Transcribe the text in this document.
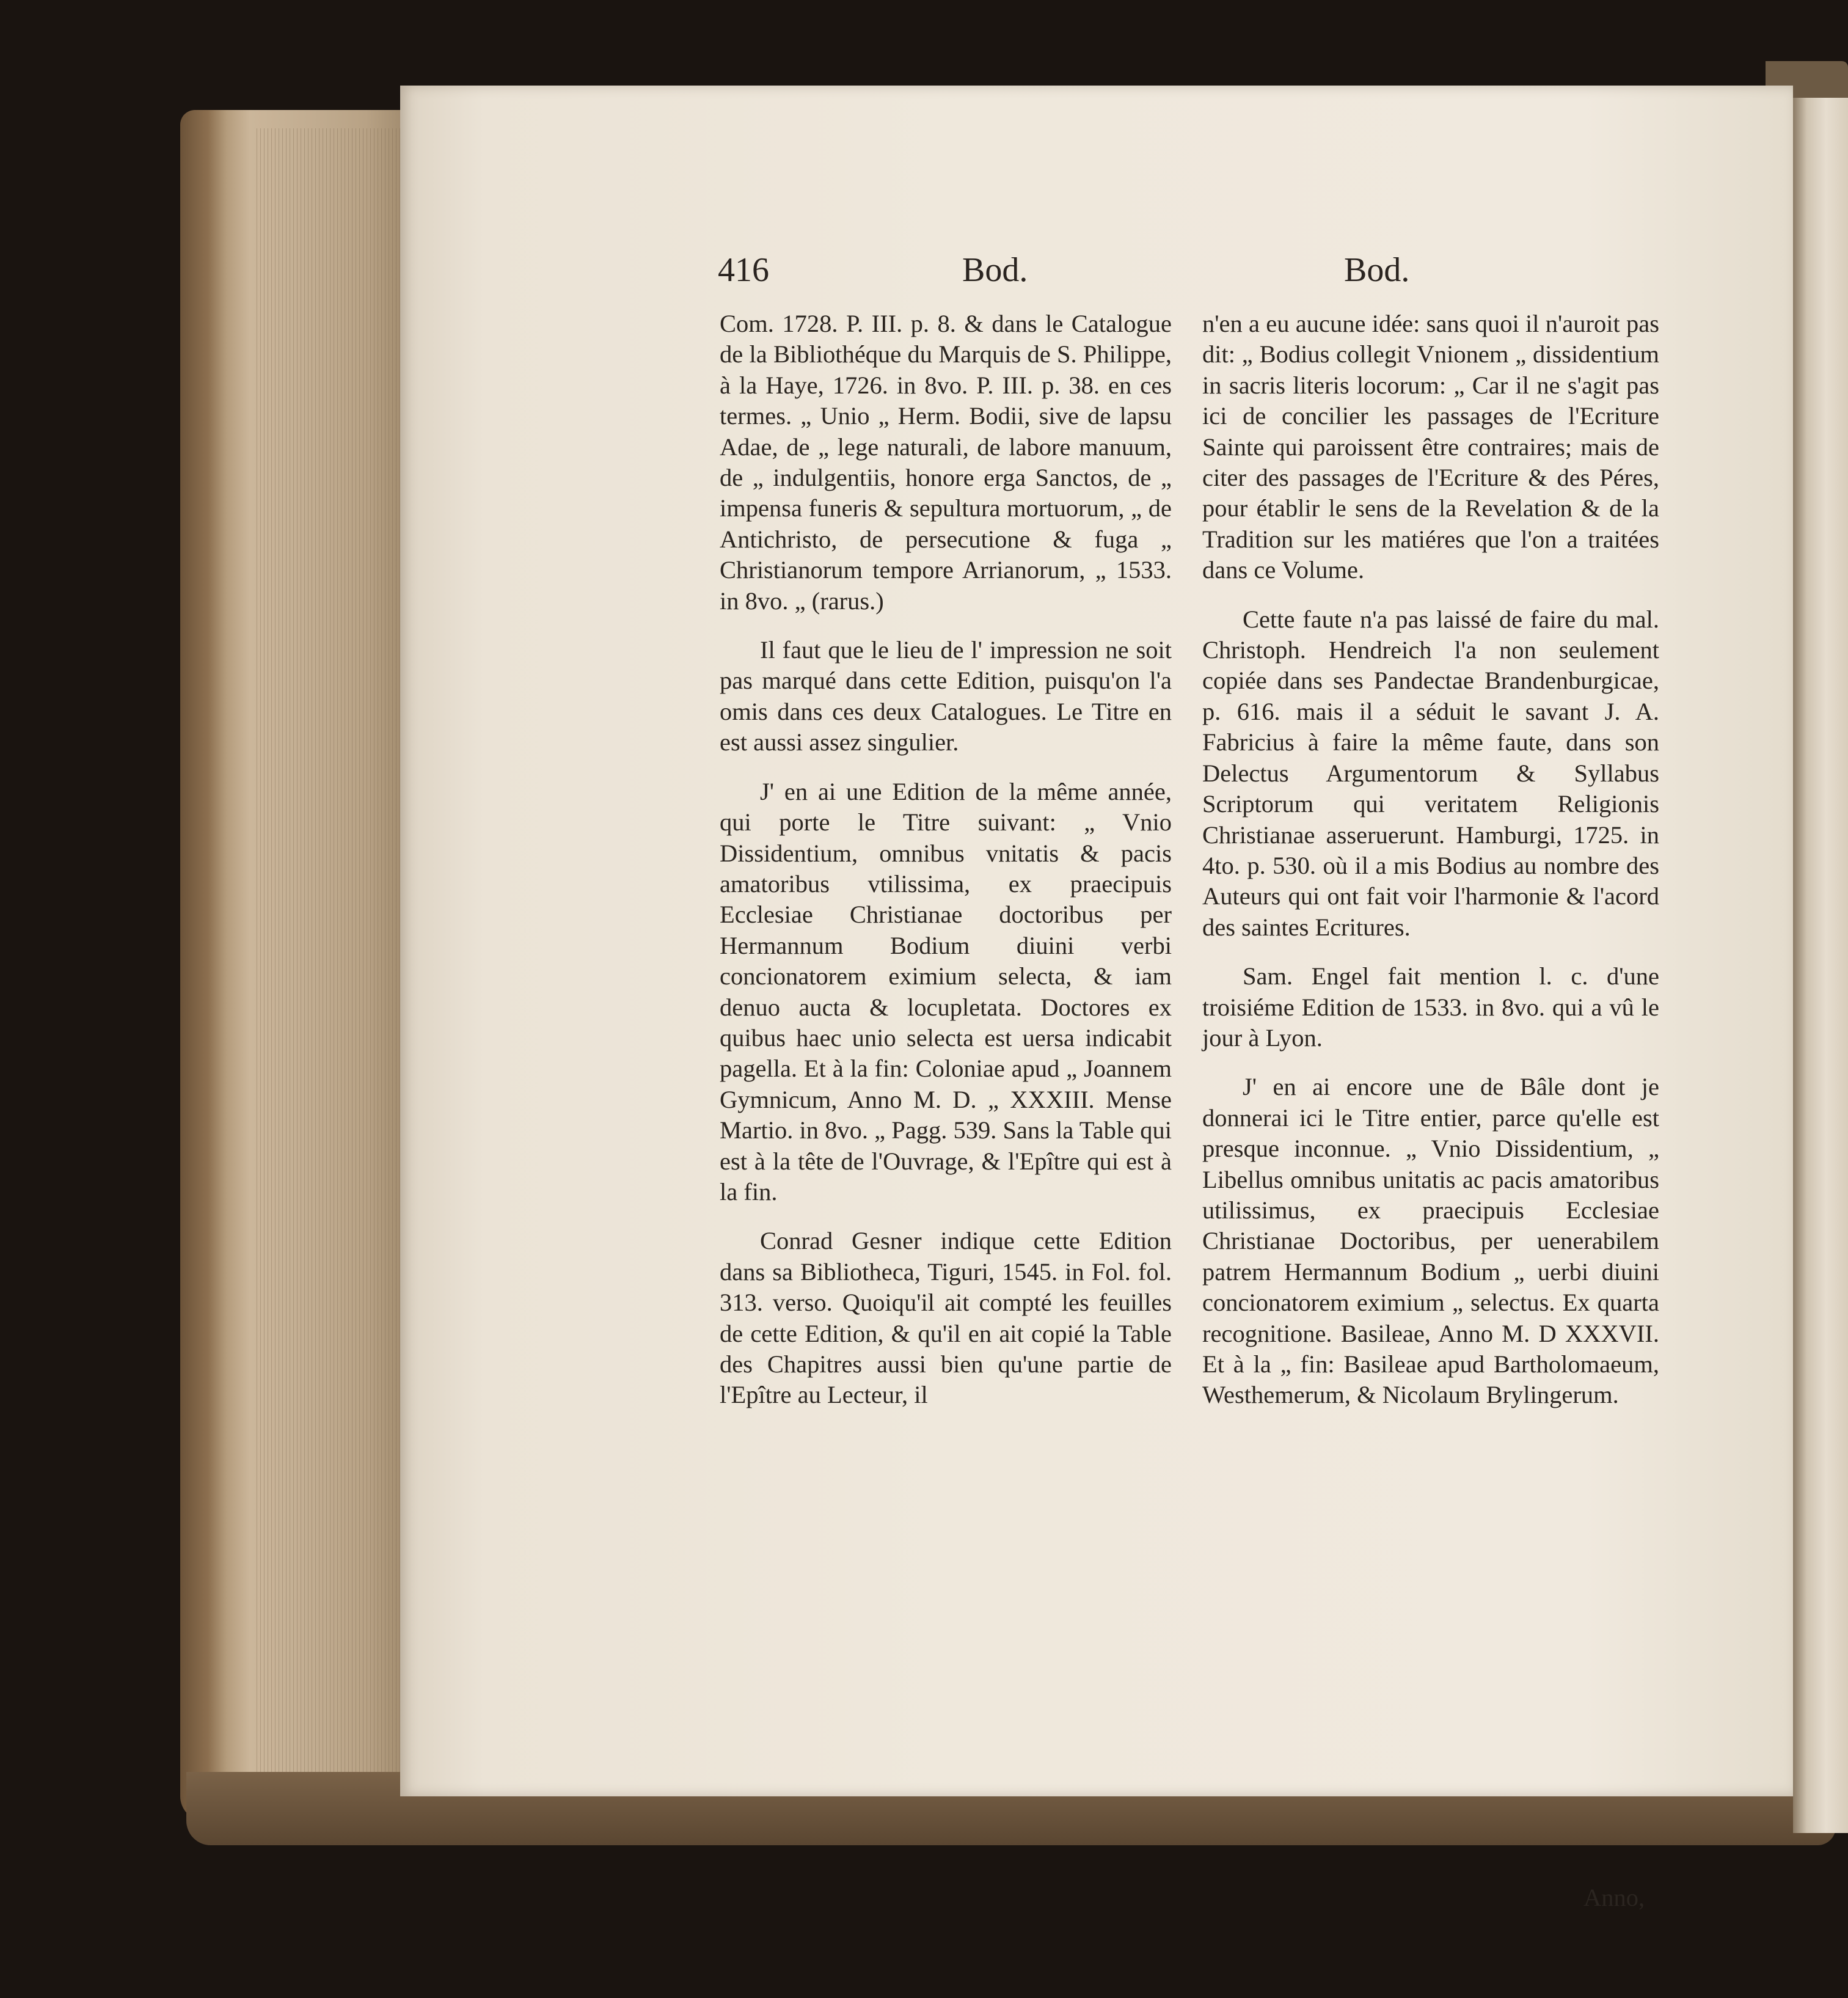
416	Bod.	Bod.

Com. 1728. P. III. p. 8. & dans le Catalogue de la Bibliothéque du Marquis de S. Philippe, à la Haye, 1726. in 8vo. P. III. p. 38. en ces termes. „ Unio „ Herm. Bodii, sive de lapsu Adae, de „ lege naturali, de labore manuum, de „ indulgentiis, honore erga Sanctos, de „ impensa funeris & sepultura mortuorum, „ de Antichristo, de persecutione & fuga „ Christianorum tempore Arrianorum, „ 1533. in 8vo. „ (rarus.)

Il faut que le lieu de l' impression ne soit pas marqué dans cette Edition, puisqu'on l'a omis dans ces deux Catalogues. Le Titre en est aussi assez singulier.

J' en ai une Edition de la même année, qui porte le Titre suivant: „ Vnio Dissidentium, omnibus vnitatis & pacis amatoribus vtilissima, ex praecipuis Ecclesiae Christianae doctoribus per Hermannum Bodium diuini verbi concionatorem eximium selecta, & iam denuo aucta & locupletata. Doctores ex quibus haec unio selecta est uersa indicabit pagella. Et à la fin: Coloniae apud „ Joannem Gymnicum, Anno M. D. „ XXXIII. Mense Martio. in 8vo. „ Pagg. 539. Sans la Table qui est à la tête de l'Ouvrage, & l'Epître qui est à la fin.

Conrad Gesner indique cette Edition dans sa Bibliotheca, Tiguri, 1545. in Fol. fol. 313. verso. Quoiqu'il ait compté les feuilles de cette Edition, & qu'il en ait copié la Table des Chapitres aussi bien qu'une partie de l'Epître au Lecteur, il

n'en a eu aucune idée: sans quoi il n'auroit pas dit: „ Bodius collegit Vnionem „ dissidentium in sacris literis locorum: „ Car il ne s'agit pas ici de concilier les passages de l'Ecriture Sainte qui paroissent être contraires; mais de citer des passages de l'Ecriture & des Péres, pour établir le sens de la Revelation & de la Tradition sur les matiéres que l'on a traitées dans ce Volume.

Cette faute n'a pas laissé de faire du mal. Christoph. Hendreich l'a non seulement copiée dans ses Pandectae Brandenburgicae, p. 616. mais il a séduit le savant J. A. Fabricius à faire la même faute, dans son Delectus Argumentorum & Syllabus Scriptorum qui veritatem Religionis Christianae asseruerunt. Hamburgi, 1725. in 4to. p. 530. où il a mis Bodius au nombre des Auteurs qui ont fait voir l'harmonie & l'acord des saintes Ecritures.

Sam. Engel fait mention l. c. d'une troisiéme Edition de 1533. in 8vo. qui a vû le jour à Lyon.

J' en ai encore une de Bâle dont je donnerai ici le Titre entier, parce qu'elle est presque inconnue. „ Vnio Dissidentium, „ Libellus omnibus unitatis ac pacis amatoribus utilissimus, ex praecipuis Ecclesiae Christianae Doctoribus, per uenerabilem patrem Hermannum Bodium „ uerbi diuini concionatorem eximium „ selectus. Ex quarta recognitione. Basileae, Anno M. D XXXVII. Et à la „ fin: Basileae apud Bartholomaeum, Westhemerum, & Nicolaum Brylingerum.

Anno,
